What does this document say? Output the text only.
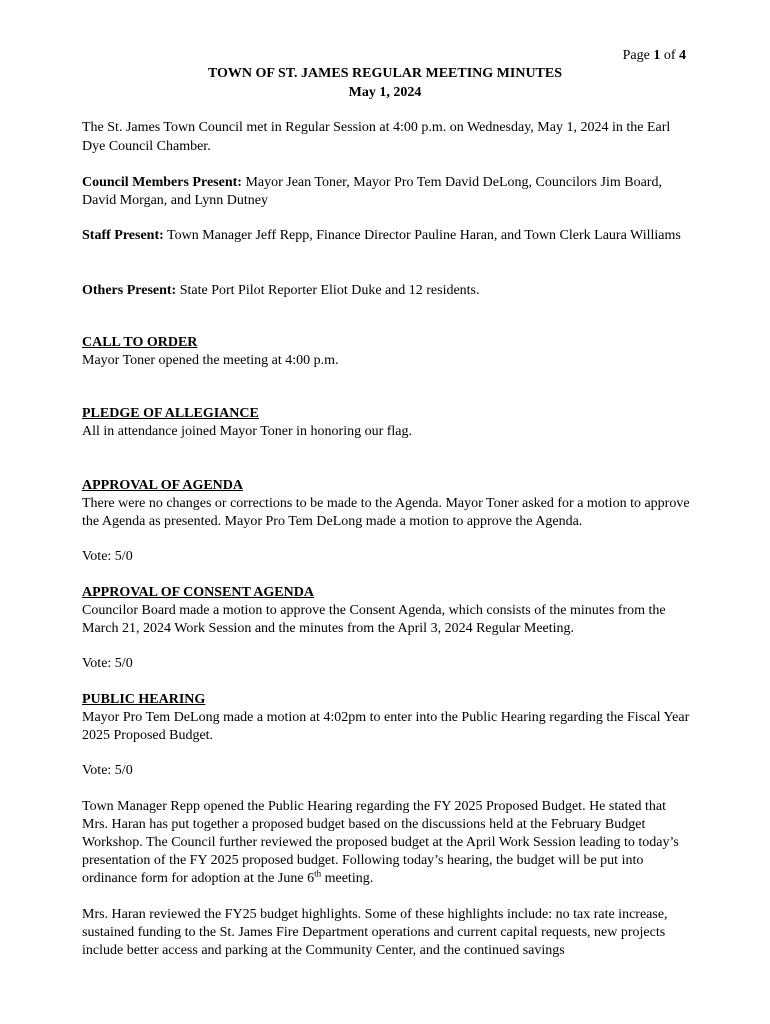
Page 1 of 4
TOWN OF ST. JAMES REGULAR MEETING MINUTES
May 1, 2024
The St. James Town Council met in Regular Session at 4:00 p.m. on Wednesday, May 1, 2024 in the Earl Dye Council Chamber.
Council Members Present: Mayor Jean Toner, Mayor Pro Tem David DeLong, Councilors Jim Board, David Morgan, and Lynn Dutney
Staff Present: Town Manager Jeff Repp, Finance Director Pauline Haran, and Town Clerk Laura Williams
Others Present: State Port Pilot Reporter Eliot Duke and 12 residents.
CALL TO ORDER
Mayor Toner opened the meeting at 4:00 p.m.
PLEDGE OF ALLEGIANCE
All in attendance joined Mayor Toner in honoring our flag.
APPROVAL OF AGENDA
There were no changes or corrections to be made to the Agenda. Mayor Toner asked for a motion to approve the Agenda as presented. Mayor Pro Tem DeLong made a motion to approve the Agenda.
Vote: 5/0
APPROVAL OF CONSENT AGENDA
Councilor Board made a motion to approve the Consent Agenda, which consists of the minutes from the March 21, 2024 Work Session and the minutes from the April 3, 2024 Regular Meeting.
Vote: 5/0
PUBLIC HEARING
Mayor Pro Tem DeLong made a motion at 4:02pm to enter into the Public Hearing regarding the Fiscal Year 2025 Proposed Budget.
Vote: 5/0
Town Manager Repp opened the Public Hearing regarding the FY 2025 Proposed Budget. He stated that Mrs. Haran has put together a proposed budget based on the discussions held at the February Budget Workshop. The Council further reviewed the proposed budget at the April Work Session leading to today’s presentation of the FY 2025 proposed budget. Following today’s hearing, the budget will be put into ordinance form for adoption at the June 6th meeting.
Mrs. Haran reviewed the FY25 budget highlights. Some of these highlights include: no tax rate increase, sustained funding to the St. James Fire Department operations and current capital requests, new projects include better access and parking at the Community Center, and the continued savings
